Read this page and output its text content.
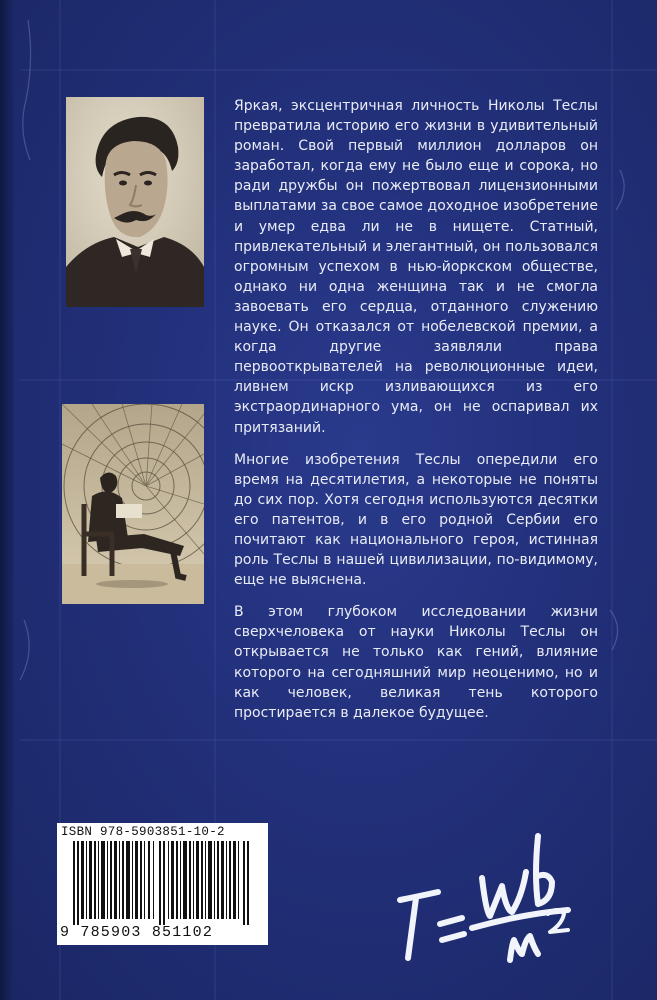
Яркая, эксцентричная личность Николы Теслы превратила историю его жизни в удивительный роман. Свой первый миллион долларов он заработал, когда ему не было еще и сорока, но ради дружбы он пожертвовал лицензионными выплатами за свое самое доходное изобретение и умер едва ли не в нищете. Статный, привлекательный и элегантный, он пользовался огромным успехом в нью-йоркском обществе, однако ни одна женщина так и не смогла завоевать его сердца, отданного служению науке. Он отказался от нобелевской премии, а когда другие заявляли права первооткрывателей на революционные идеи, ливнем искр изливающихся из его экстраординарного ума, он не оспаривал их притязаний.

Многие изобретения Теслы опередили его время на десятилетия, а некоторые не поняты до сих пор. Хотя сегодня используются десятки его патентов, и в его родной Сербии его почитают как национального героя, истинная роль Теслы в нашей цивилизации, по-видимому, еще не выяснена.

В этом глубоком исследовании жизни сверхчеловека от науки Николы Теслы он открывается не только как гений, влияние которого на сегодняшний мир неоценимо, но и как человек, великая тень которого простирается в далекое будущее.

ISBN 978-5903851-10-2
9 785903 851102
